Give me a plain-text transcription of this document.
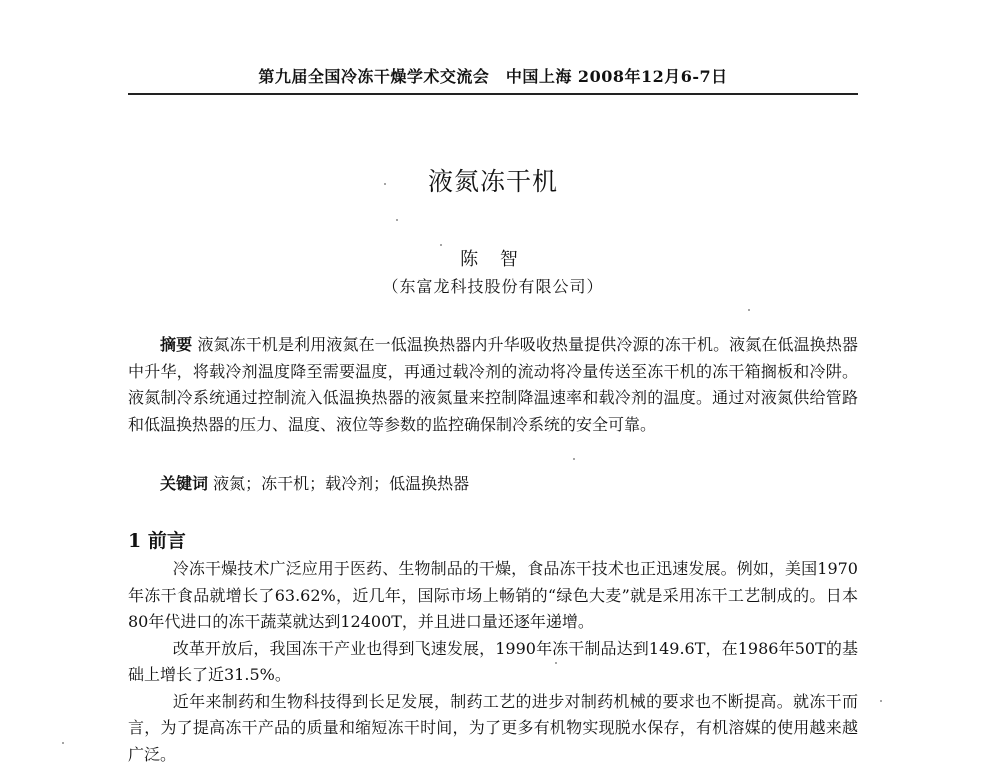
第九届全国冷冻干燥学术交流会　中国上海 2008年12月6-7日
液氮冻干机
陈 智
（东富龙科技股份有限公司）

摘要 液氮冻干机是利用液氮在一低温换热器内升华吸收热量提供冷源的冻干机。液氮在低温换热器中升华，将载冷剂温度降至需要温度，再通过载冷剂的流动将冷量传送至冻干机的冻干箱搁板和冷阱。液氮制冷系统通过控制流入低温换热器的液氮量来控制降温速率和载冷剂的温度。通过对液氮供给管路和低温换热器的压力、温度、液位等参数的监控确保制冷系统的安全可靠。

关键词 液氮；冻干机；载冷剂；低温换热器

1 前言

冷冻干燥技术广泛应用于医药、生物制品的干燥，食品冻干技术也正迅速发展。例如，美国1970年冻干食品就增长了63.62%，近几年，国际市场上畅销的“绿色大麦”就是采用冻干工艺制成的。日本80年代进口的冻干蔬菜就达到12400T，并且进口量还逐年递增。

改革开放后，我国冻干产业也得到飞速发展，1990年冻干制品达到149.6T，在1986年50T的基础上增长了近31.5%。

近年来制药和生物科技得到长足发展，制药工艺的进步对制药机械的要求也不断提高。就冻干而言，为了提高冻干产品的质量和缩短冻干时间，为了更多有机物实现脱水保存，有机溶媒的使用越来越广泛。
